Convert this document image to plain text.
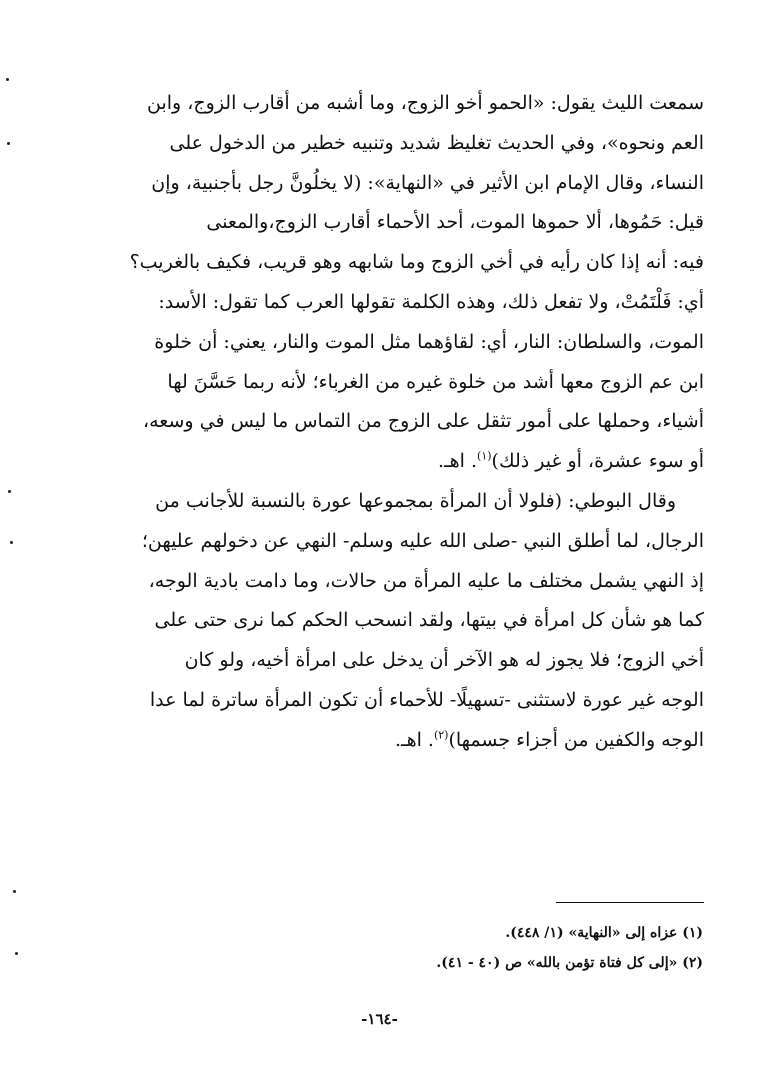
سمعت الليث يقول: «الحمو أخو الزوج، وما أشبه من أقارب الزوج، وابن
العم ونحوه»، وفي الحديث تغليظ شديد وتنبيه خطير من الدخول على
النساء، وقال الإمام ابن الأثير في «النهاية»: (لا يخلُونَّ رجل بأجنبية، وإن
قيل: حَمُوها، ألا حموها الموت، أحد الأحماء أقارب الزوج،والمعنى
فيه: أنه إذا كان رأيه في أخي الزوج وما شابهه وهو قريب، فكيف بالغريب؟
أي: فَلْتَمُتْ، ولا تفعل ذلك، وهذه الكلمة تقولها العرب كما تقول: الأسد:
الموت، والسلطان: النار، أي: لقاؤهما مثل الموت والنار، يعني: أن خلوة
ابن عم الزوج معها أشد من خلوة غيره من الغرباء؛ لأنه ربما حَسَّنَ لها
أشياء، وحملها على أمور تثقل على الزوج من التماس ما ليس في وسعه،
أو سوء عشرة، أو غير ذلك)$^{(١)}$. اهـ.
وقال البوطي: (فلولا أن المرأة بمجموعها عورة بالنسبة للأجانب من
الرجال، لما أطلق النبي -صلى الله عليه وسلم- النهي عن دخولهم عليهن؛
إذ النهي يشمل مختلف ما عليه المرأة من حالات، وما دامت بادية الوجه،
كما هو شأن كل امرأة في بيتها، ولقد انسحب الحكم كما نرى حتى على
أخي الزوج؛ فلا يجوز له هو الآخر أن يدخل على امرأة أخيه، ولو كان
الوجه غير عورة لاستثنى -تسهيلًا- للأحماء أن تكون المرأة ساترة لما عدا
الوجه والكفين من أجزاء جسمها)$^{(٢)}$. اهـ.
(١) عزاه إلى «النهاية» (١/ ٤٤٨).
(٢) «إلى كل فتاة تؤمن بالله» ص (٤٠ - ٤١).
-١٦٤-
